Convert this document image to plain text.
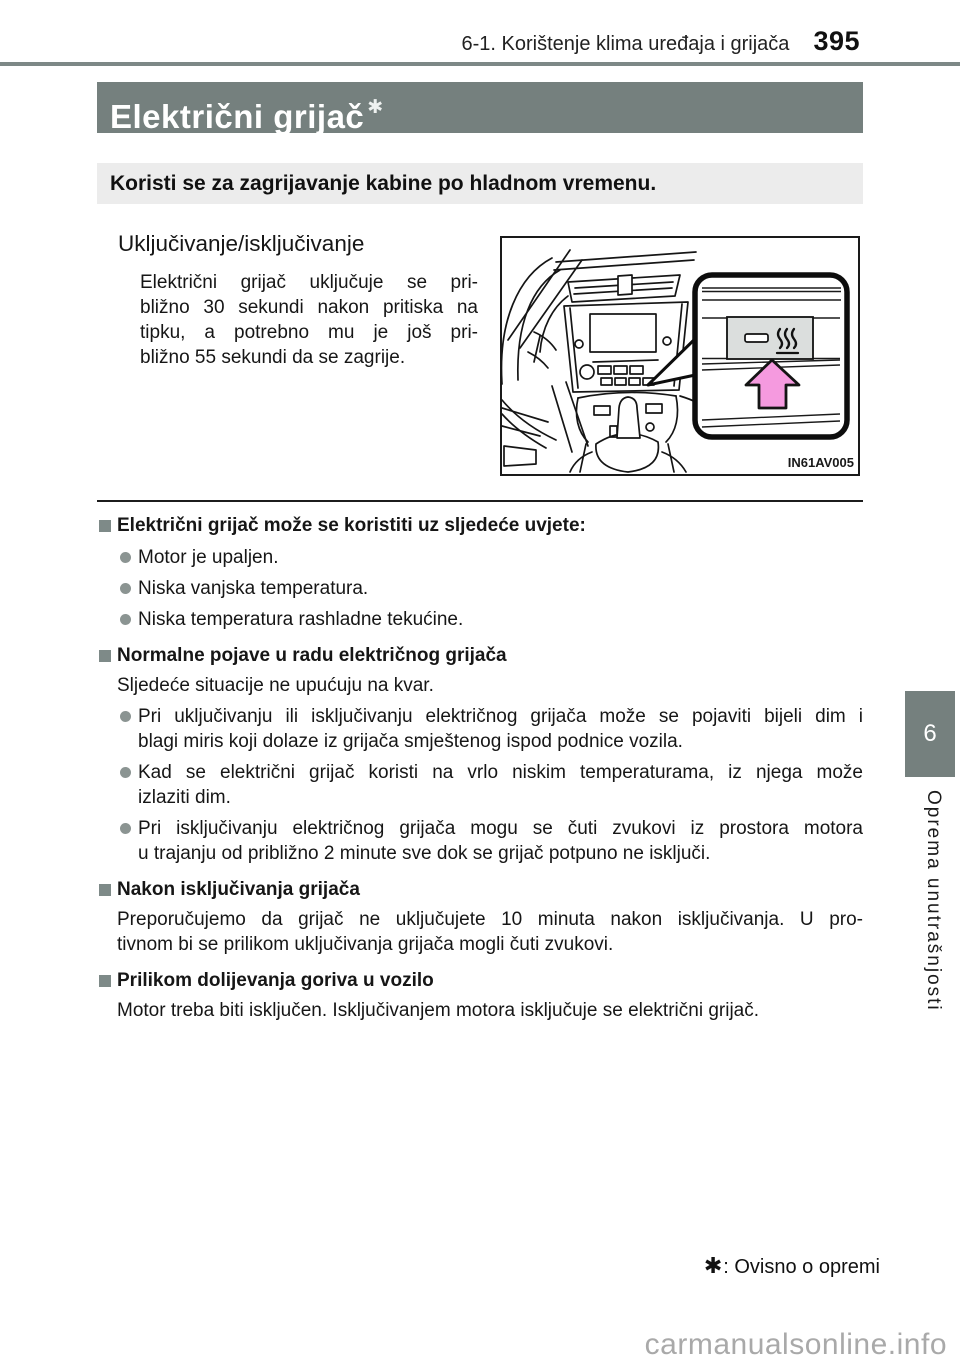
6-1. Korištenje klima uređaja i grijača 395
Električni grijač ✱
Koristi se za zagrijavanje kabine po hladnom vremenu.
Uključivanje/isključivanje
Električni grijač uključuje se pri-
bližno 30 sekundi nakon pritiska na
tipku, a potrebno mu je još pri-
bližno 55 sekundi da se zagrije.
IN61AV005
Električni grijač može se koristiti uz sljedeće uvjete:
Motor je upaljen.
Niska vanjska temperatura.
Niska temperatura rashladne tekućine.
Normalne pojave u radu električnog grijača
Sljedeće situacije ne upućuju na kvar.
Pri uključivanju ili isključivanju električnog grijača može se pojaviti bijeli dim i
blagi miris koji dolaze iz grijača smještenog ispod podnice vozila.
Kad se električni grijač koristi na vrlo niskim temperaturama, iz njega može
izlaziti dim.
Pri isključivanju električnog grijača mogu se čuti zvukovi iz prostora motora
u trajanju od približno 2 minute sve dok se grijač potpuno ne isključi.
Nakon isključivanja grijača
Preporučujemo da grijač ne uključujete 10 minuta nakon isključivanja. U pro-
tivnom bi se prilikom uključivanja grijača mogli čuti zvukovi.
Prilikom dolijevanja goriva u vozilo
Motor treba biti isključen. Isključivanjem motora isključuje se električni grijač.
✱ : Ovisno o opremi
6
Oprema unutrašnjosti
carmanualsonline.info
